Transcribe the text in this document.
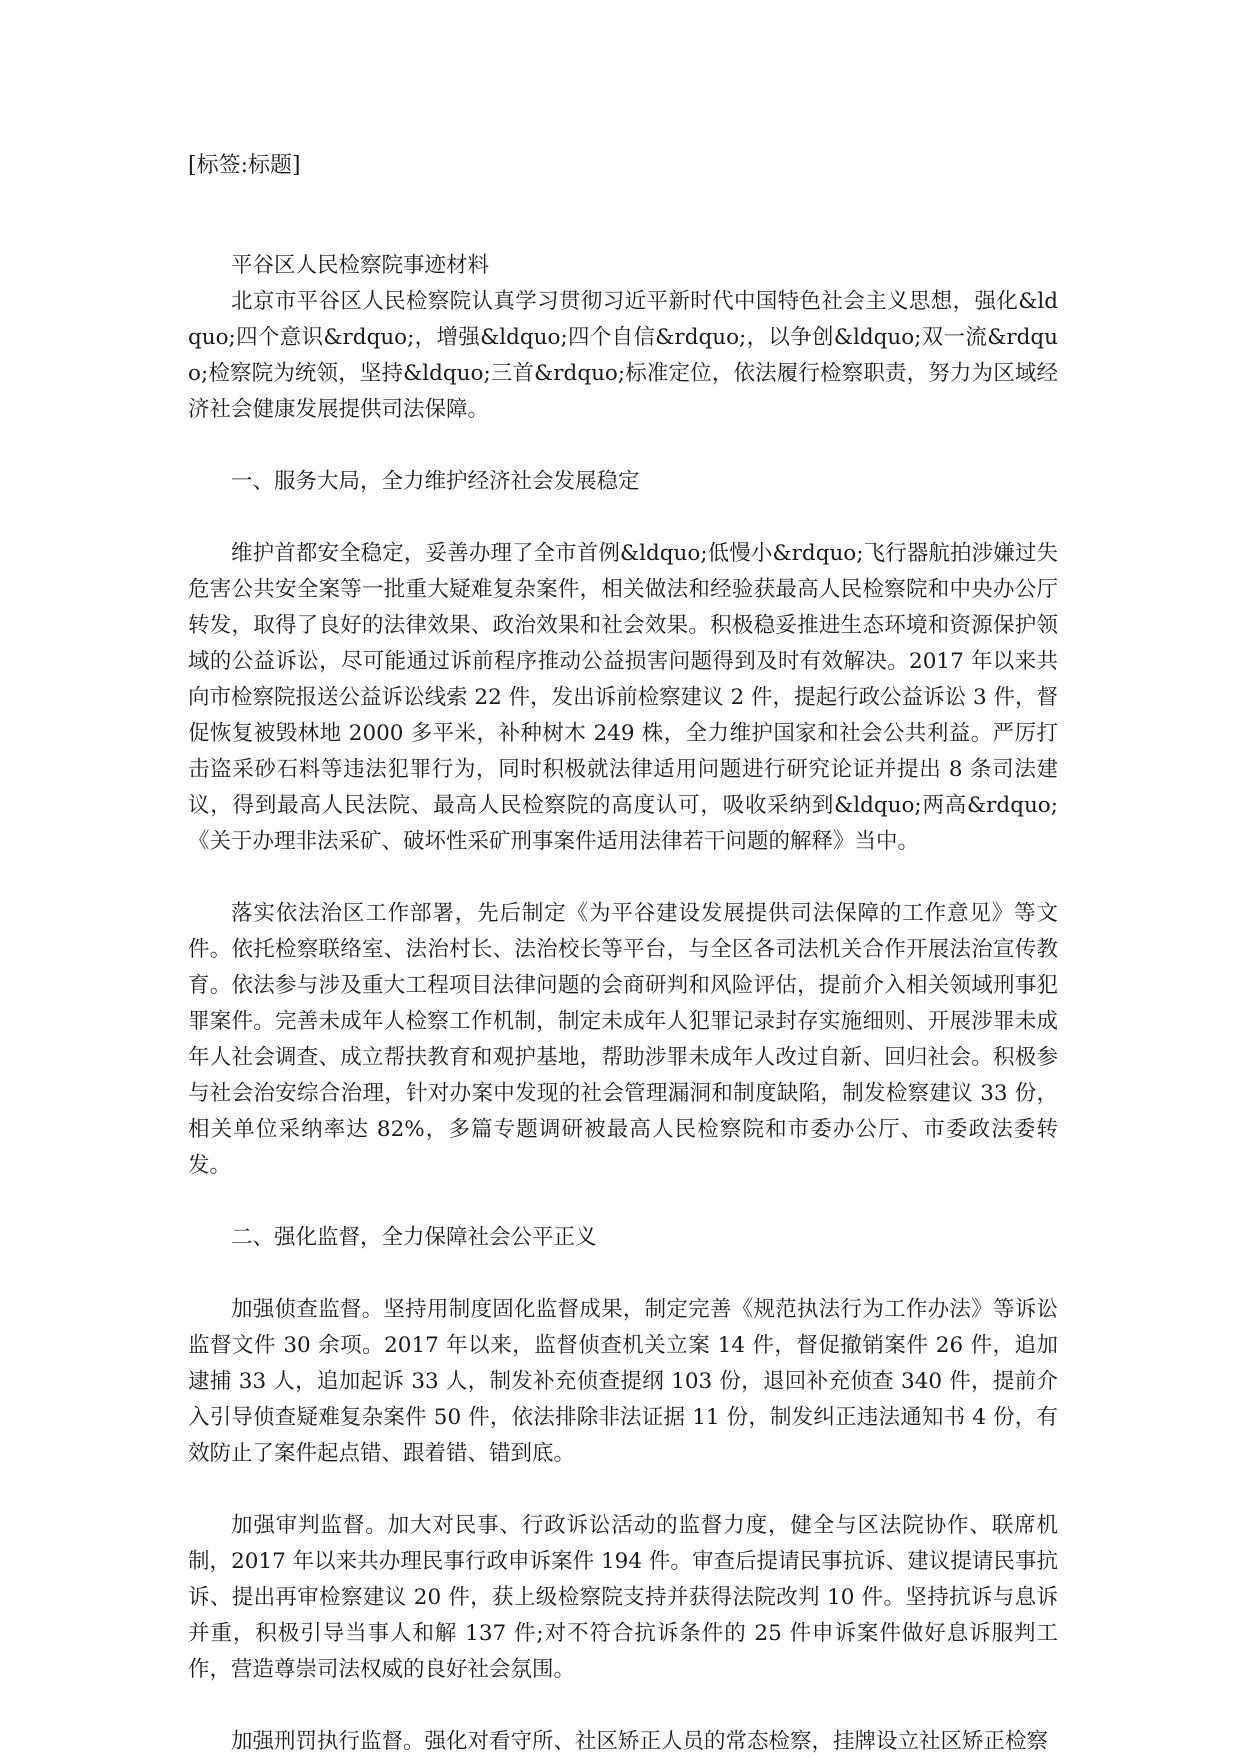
[标签:标题]

平谷区人民检察院事迹材料

北京市平谷区人民检察院认真学习贯彻习近平新时代中国特色社会主义思想，强化&ldquo;四个意识&rdquo;，增强&ldquo;四个自信&rdquo;，以争创&ldquo;双一流&rdquo;检察院为统领，坚持&ldquo;三首&rdquo;标准定位，依法履行检察职责，努力为区域经济社会健康发展提供司法保障。

一、服务大局，全力维护经济社会发展稳定

维护首都安全稳定，妥善办理了全市首例&ldquo;低慢小&rdquo;飞行器航拍涉嫌过失危害公共安全案等一批重大疑难复杂案件，相关做法和经验获最高人民检察院和中央办公厅转发，取得了良好的法律效果、政治效果和社会效果。积极稳妥推进生态环境和资源保护领域的公益诉讼，尽可能通过诉前程序推动公益损害问题得到及时有效解决。2017 年以来共向市检察院报送公益诉讼线索 22 件，发出诉前检察建议 2 件，提起行政公益诉讼 3 件，督促恢复被毁林地 2000 多平米，补种树木 249 株，全力维护国家和社会公共利益。严厉打击盗采砂石料等违法犯罪行为，同时积极就法律适用问题进行研究论证并提出 8 条司法建议，得到最高人民法院、最高人民检察院的高度认可，吸收采纳到&ldquo;两高&rdquo;《关于办理非法采矿、破坏性采矿刑事案件适用法律若干问题的解释》当中。

落实依法治区工作部署，先后制定《为平谷建设发展提供司法保障的工作意见》等文件。依托检察联络室、法治村长、法治校长等平台，与全区各司法机关合作开展法治宣传教育。依法参与涉及重大工程项目法律问题的会商研判和风险评估，提前介入相关领域刑事犯罪案件。完善未成年人检察工作机制，制定未成年人犯罪记录封存实施细则、开展涉罪未成年人社会调查、成立帮扶教育和观护基地，帮助涉罪未成年人改过自新、回归社会。积极参与社会治安综合治理，针对办案中发现的社会管理漏洞和制度缺陷，制发检察建议 33 份，相关单位采纳率达 82%，多篇专题调研被最高人民检察院和市委办公厅、市委政法委转发。

二、强化监督，全力保障社会公平正义

加强侦查监督。坚持用制度固化监督成果，制定完善《规范执法行为工作办法》等诉讼监督文件 30 余项。2017 年以来，监督侦查机关立案 14 件，督促撤销案件 26 件，追加逮捕 33 人，追加起诉 33 人，制发补充侦查提纲 103 份，退回补充侦查 340 件，提前介入引导侦查疑难复杂案件 50 件，依法排除非法证据 11 份，制发纠正违法通知书 4 份，有效防止了案件起点错、跟着错、错到底。

加强审判监督。加大对民事、行政诉讼活动的监督力度，健全与区法院协作、联席机制，2017 年以来共办理民事行政申诉案件 194 件。审查后提请民事抗诉、建议提请民事抗诉、提出再审检察建议 20 件，获上级检察院支持并获得法院改判 10 件。坚持抗诉与息诉并重，积极引导当事人和解 137 件;对不符合抗诉条件的 25 件申诉案件做好息诉服判工作，营造尊崇司法权威的良好社会氛围。

加强刑罚执行监督。强化对看守所、社区矫正人员的常态检察，挂牌设立社区矫正检察
